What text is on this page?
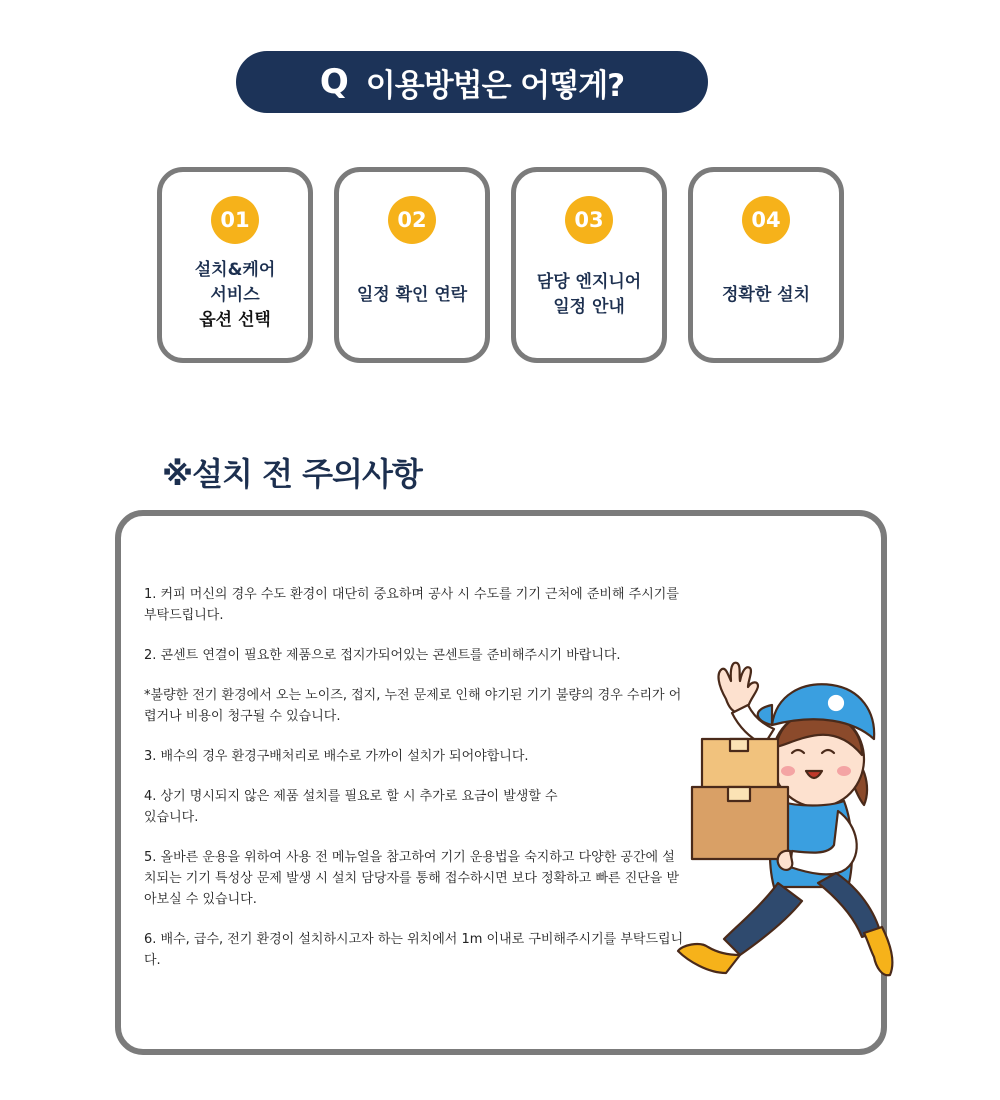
Q 이용방법은 어떻게?
01
설치&케어
서비스
옵션 선택
02
일정 확인 연락
03
담당 엔지니어
일정 안내
04
정확한 설치
※설치 전 주의사항

1. 커피 머신의 경우 수도 환경이 대단히 중요하며 공사 시 수도를 기기 근처에 준비해 주시기를 부탁드립니다.

2. 콘센트 연결이 필요한 제품으로 접지가되어있는 콘센트를 준비해주시기 바랍니다.

*불량한 전기 환경에서 오는 노이즈, 접지, 누전 문제로 인해 야기된 기기 불량의 경우 수리가 어렵거나 비용이 청구될 수 있습니다.

3. 배수의 경우 환경구배처리로 배수로 가까이 설치가 되어야합니다.

4. 상기 명시되지 않은 제품 설치를 필요로 할 시 추가로 요금이 발생할 수 있습니다.

5. 올바른 운용을 위하여 사용 전 메뉴얼을 참고하여 기기 운용법을 숙지하고 다양한 공간에 설치되는 기기 특성상 문제 발생 시 설치 담당자를 통해 접수하시면 보다 정확하고 빠른 진단을 받아보실 수 있습니다.

6. 배수, 급수, 전기 환경이 설치하시고자 하는 위치에서 1m 이내로 구비해주시기를 부탁드립니다.
